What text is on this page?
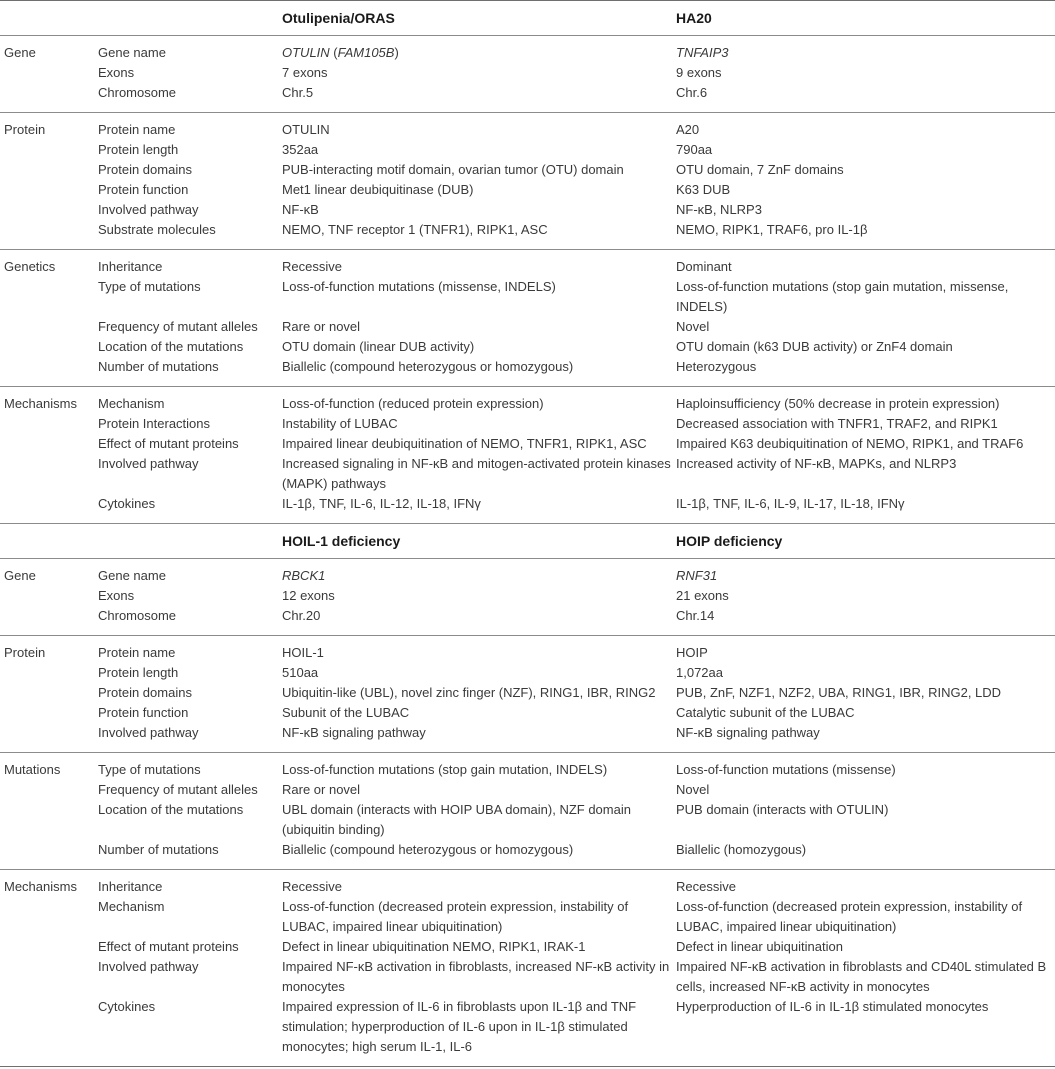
		Otulipenia/ORAS	HA20
Gene	Gene name	OTULIN (FAM105B)	TNFAIP3
	Exons	7 exons	9 exons
	Chromosome	Chr.5	Chr.6
Protein	Protein name	OTULIN	A20
	Protein length	352aa	790aa
	Protein domains	PUB-interacting motif domain, ovarian tumor (OTU) domain	OTU domain, 7 ZnF domains
	Protein function	Met1 linear deubiquitinase (DUB)	K63 DUB
	Involved pathway	NF-κB	NF-κB, NLRP3
	Substrate molecules	NEMO, TNF receptor 1 (TNFR1), RIPK1, ASC	NEMO, RIPK1, TRAF6, pro IL-1β
Genetics	Inheritance	Recessive	Dominant
	Type of mutations	Loss-of-function mutations (missense, INDELS)	Loss-of-function mutations (stop gain mutation, missense, INDELS)
	Frequency of mutant alleles	Rare or novel	Novel
	Location of the mutations	OTU domain (linear DUB activity)	OTU domain (k63 DUB activity) or ZnF4 domain
	Number of mutations	Biallelic (compound heterozygous or homozygous)	Heterozygous
Mechanisms	Mechanism	Loss-of-function (reduced protein expression)	Haploinsufficiency (50% decrease in protein expression)
	Protein Interactions	Instability of LUBAC	Decreased association with TNFR1, TRAF2, and RIPK1
	Effect of mutant proteins	Impaired linear deubiquitination of NEMO, TNFR1, RIPK1, ASC	Impaired K63 deubiquitination of NEMO, RIPK1, and TRAF6
	Involved pathway	Increased signaling in NF-κB and mitogen-activated protein kinases (MAPK) pathways	Increased activity of NF-κB, MAPKs, and NLRP3
	Cytokines	IL-1β, TNF, IL-6, IL-12, IL-18, IFNγ	IL-1β, TNF, IL-6, IL-9, IL-17, IL-18, IFNγ
		HOIL-1 deficiency	HOIP deficiency
Gene	Gene name	RBCK1	RNF31
	Exons	12 exons	21 exons
	Chromosome	Chr.20	Chr.14
Protein	Protein name	HOIL-1	HOIP
	Protein length	510aa	1,072aa
	Protein domains	Ubiquitin-like (UBL), novel zinc finger (NZF), RING1, IBR, RING2	PUB, ZnF, NZF1, NZF2, UBA, RING1, IBR, RING2, LDD
	Protein function	Subunit of the LUBAC	Catalytic subunit of the LUBAC
	Involved pathway	NF-κB signaling pathway	NF-κB signaling pathway
Mutations	Type of mutations	Loss-of-function mutations (stop gain mutation, INDELS)	Loss-of-function mutations (missense)
	Frequency of mutant alleles	Rare or novel	Novel
	Location of the mutations	UBL domain (interacts with HOIP UBA domain), NZF domain (ubiquitin binding)	PUB domain (interacts with OTULIN)
	Number of mutations	Biallelic (compound heterozygous or homozygous)	Biallelic (homozygous)
Mechanisms	Inheritance	Recessive	Recessive
	Mechanism	Loss-of-function (decreased protein expression, instability of LUBAC, impaired linear ubiquitination)	Loss-of-function (decreased protein expression, instability of LUBAC, impaired linear ubiquitination)
	Effect of mutant proteins	Defect in linear ubiquitination NEMO, RIPK1, IRAK-1	Defect in linear ubiquitination
	Involved pathway	Impaired NF-κB activation in fibroblasts, increased NF-κB activity in monocytes	Impaired NF-κB activation in fibroblasts and CD40L stimulated B cells, increased NF-κB activity in monocytes
	Cytokines	Impaired expression of IL-6 in fibroblasts upon IL-1β and TNF stimulation; hyperproduction of IL-6 upon in IL-1β stimulated monocytes; high serum IL-1, IL-6	Hyperproduction of IL-6 in IL-1β stimulated monocytes
